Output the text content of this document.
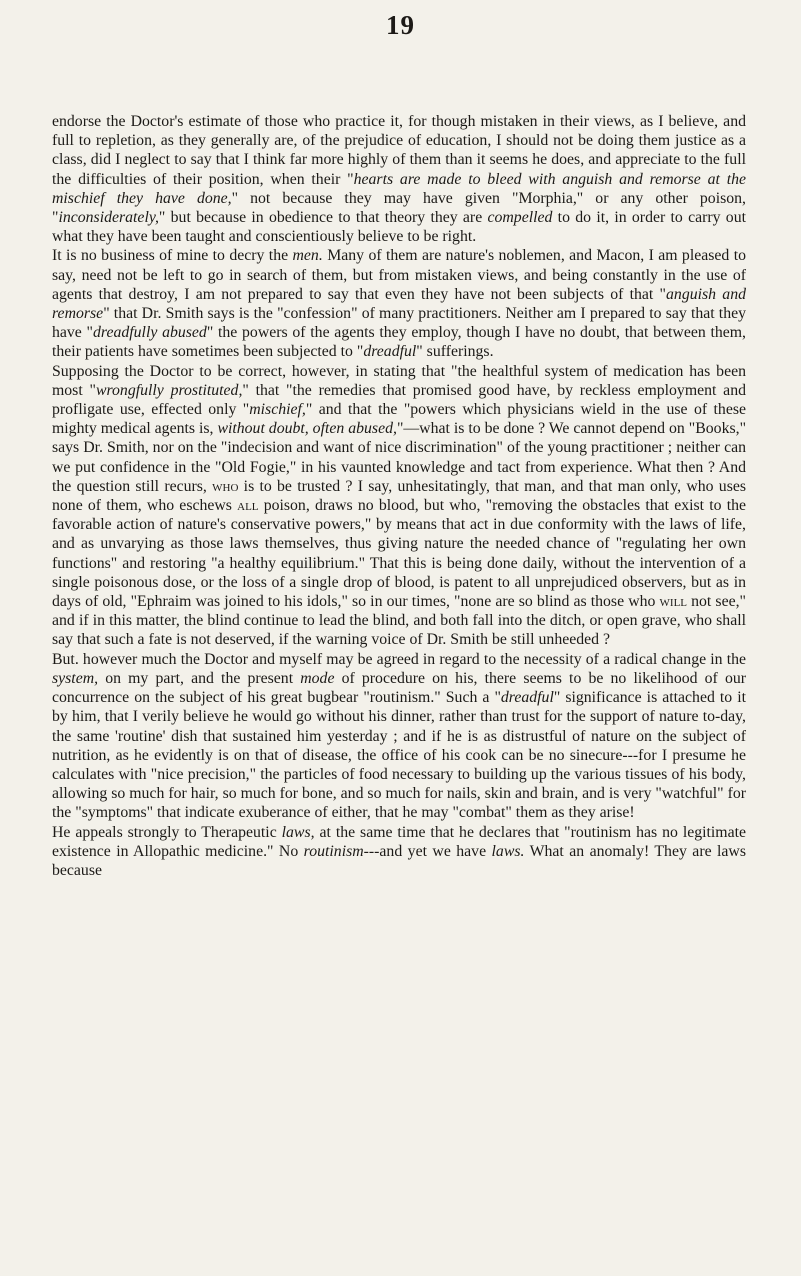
19

endorse the Doctor's estimate of those who practice it, for though mistaken in their views, as I believe, and full to repletion, as they generally are, of the prejudice of education, I should not be doing them justice as a class, did I neglect to say that I think far more highly of them than it seems he does, and appreciate to the full the difficulties of their position, when their "hearts are made to bleed with anguish and remorse at the mischief they have done," not because they may have given "Morphia," or any other poison, "inconsiderately," but because in obedience to that theory they are compelled to do it, in order to carry out what they have been taught and conscientiously believe to be right.

It is no business of mine to decry the men. Many of them are nature's noblemen, and Macon, I am pleased to say, need not be left to go in search of them, but from mistaken views, and being constantly in the use of agents that destroy, I am not prepared to say that even they have not been subjects of that "anguish and remorse" that Dr. Smith says is the "confession" of many practitioners. Neither am I prepared to say that they have "dreadfully abused" the powers of the agents they employ, though I have no doubt, that between them, their patients have sometimes been subjected to "dreadful" sufferings.

Supposing the Doctor to be correct, however, in stating that "the healthful system of medication has been most "wrongfully prostituted," that "the remedies that promised good have, by reckless employment and profligate use, effected only "mischief," and that the "powers which physicians wield in the use of these mighty medical agents is, without doubt, often abused,"—what is to be done ? We cannot depend on "Books," says Dr. Smith, nor on the "indecision and want of nice discrimination" of the young practitioner ; neither can we put confidence in the "Old Fogie," in his vaunted knowledge and tact from experience. What then ? And the question still recurs, who is to be trusted ? I say, unhesitatingly, that man, and that man only, who uses none of them, who eschews all poison, draws no blood, but who, "removing the obstacles that exist to the favorable action of nature's conservative powers," by means that act in due conformity with the laws of life, and as unvarying as those laws themselves, thus giving nature the needed chance of "regulating her own functions" and restoring "a healthy equilibrium." That this is being done daily, without the intervention of a single poisonous dose, or the loss of a single drop of blood, is patent to all unprejudiced observers, but as in days of old, "Ephraim was joined to his idols," so in our times, "none are so blind as those who will not see," and if in this matter, the blind continue to lead the blind, and both fall into the ditch, or open grave, who shall say that such a fate is not deserved, if the warning voice of Dr. Smith be still unheeded ?

But. however much the Doctor and myself may be agreed in regard to the necessity of a radical change in the system, on my part, and the present mode of procedure on his, there seems to be no likelihood of our concurrence on the subject of his great bugbear "routinism." Such a "dreadful" significance is attached to it by him, that I verily believe he would go without his dinner, rather than trust for the support of nature to-day, the same 'routine' dish that sustained him yesterday ; and if he is as distrustful of nature on the subject of nutrition, as he evidently is on that of disease, the office of his cook can be no sinecure---for I presume he calculates with "nice precision," the particles of food necessary to building up the various tissues of his body, allowing so much for hair, so much for bone, and so much for nails, skin and brain, and is very "watchful" for the "symptoms" that indicate exuberance of either, that he may "combat" them as they arise!

He appeals strongly to Therapeutic laws, at the same time that he declares that "routinism has no legitimate existence in Allopathic medicine." No routinism---and yet we have laws. What an anomaly! They are laws because
